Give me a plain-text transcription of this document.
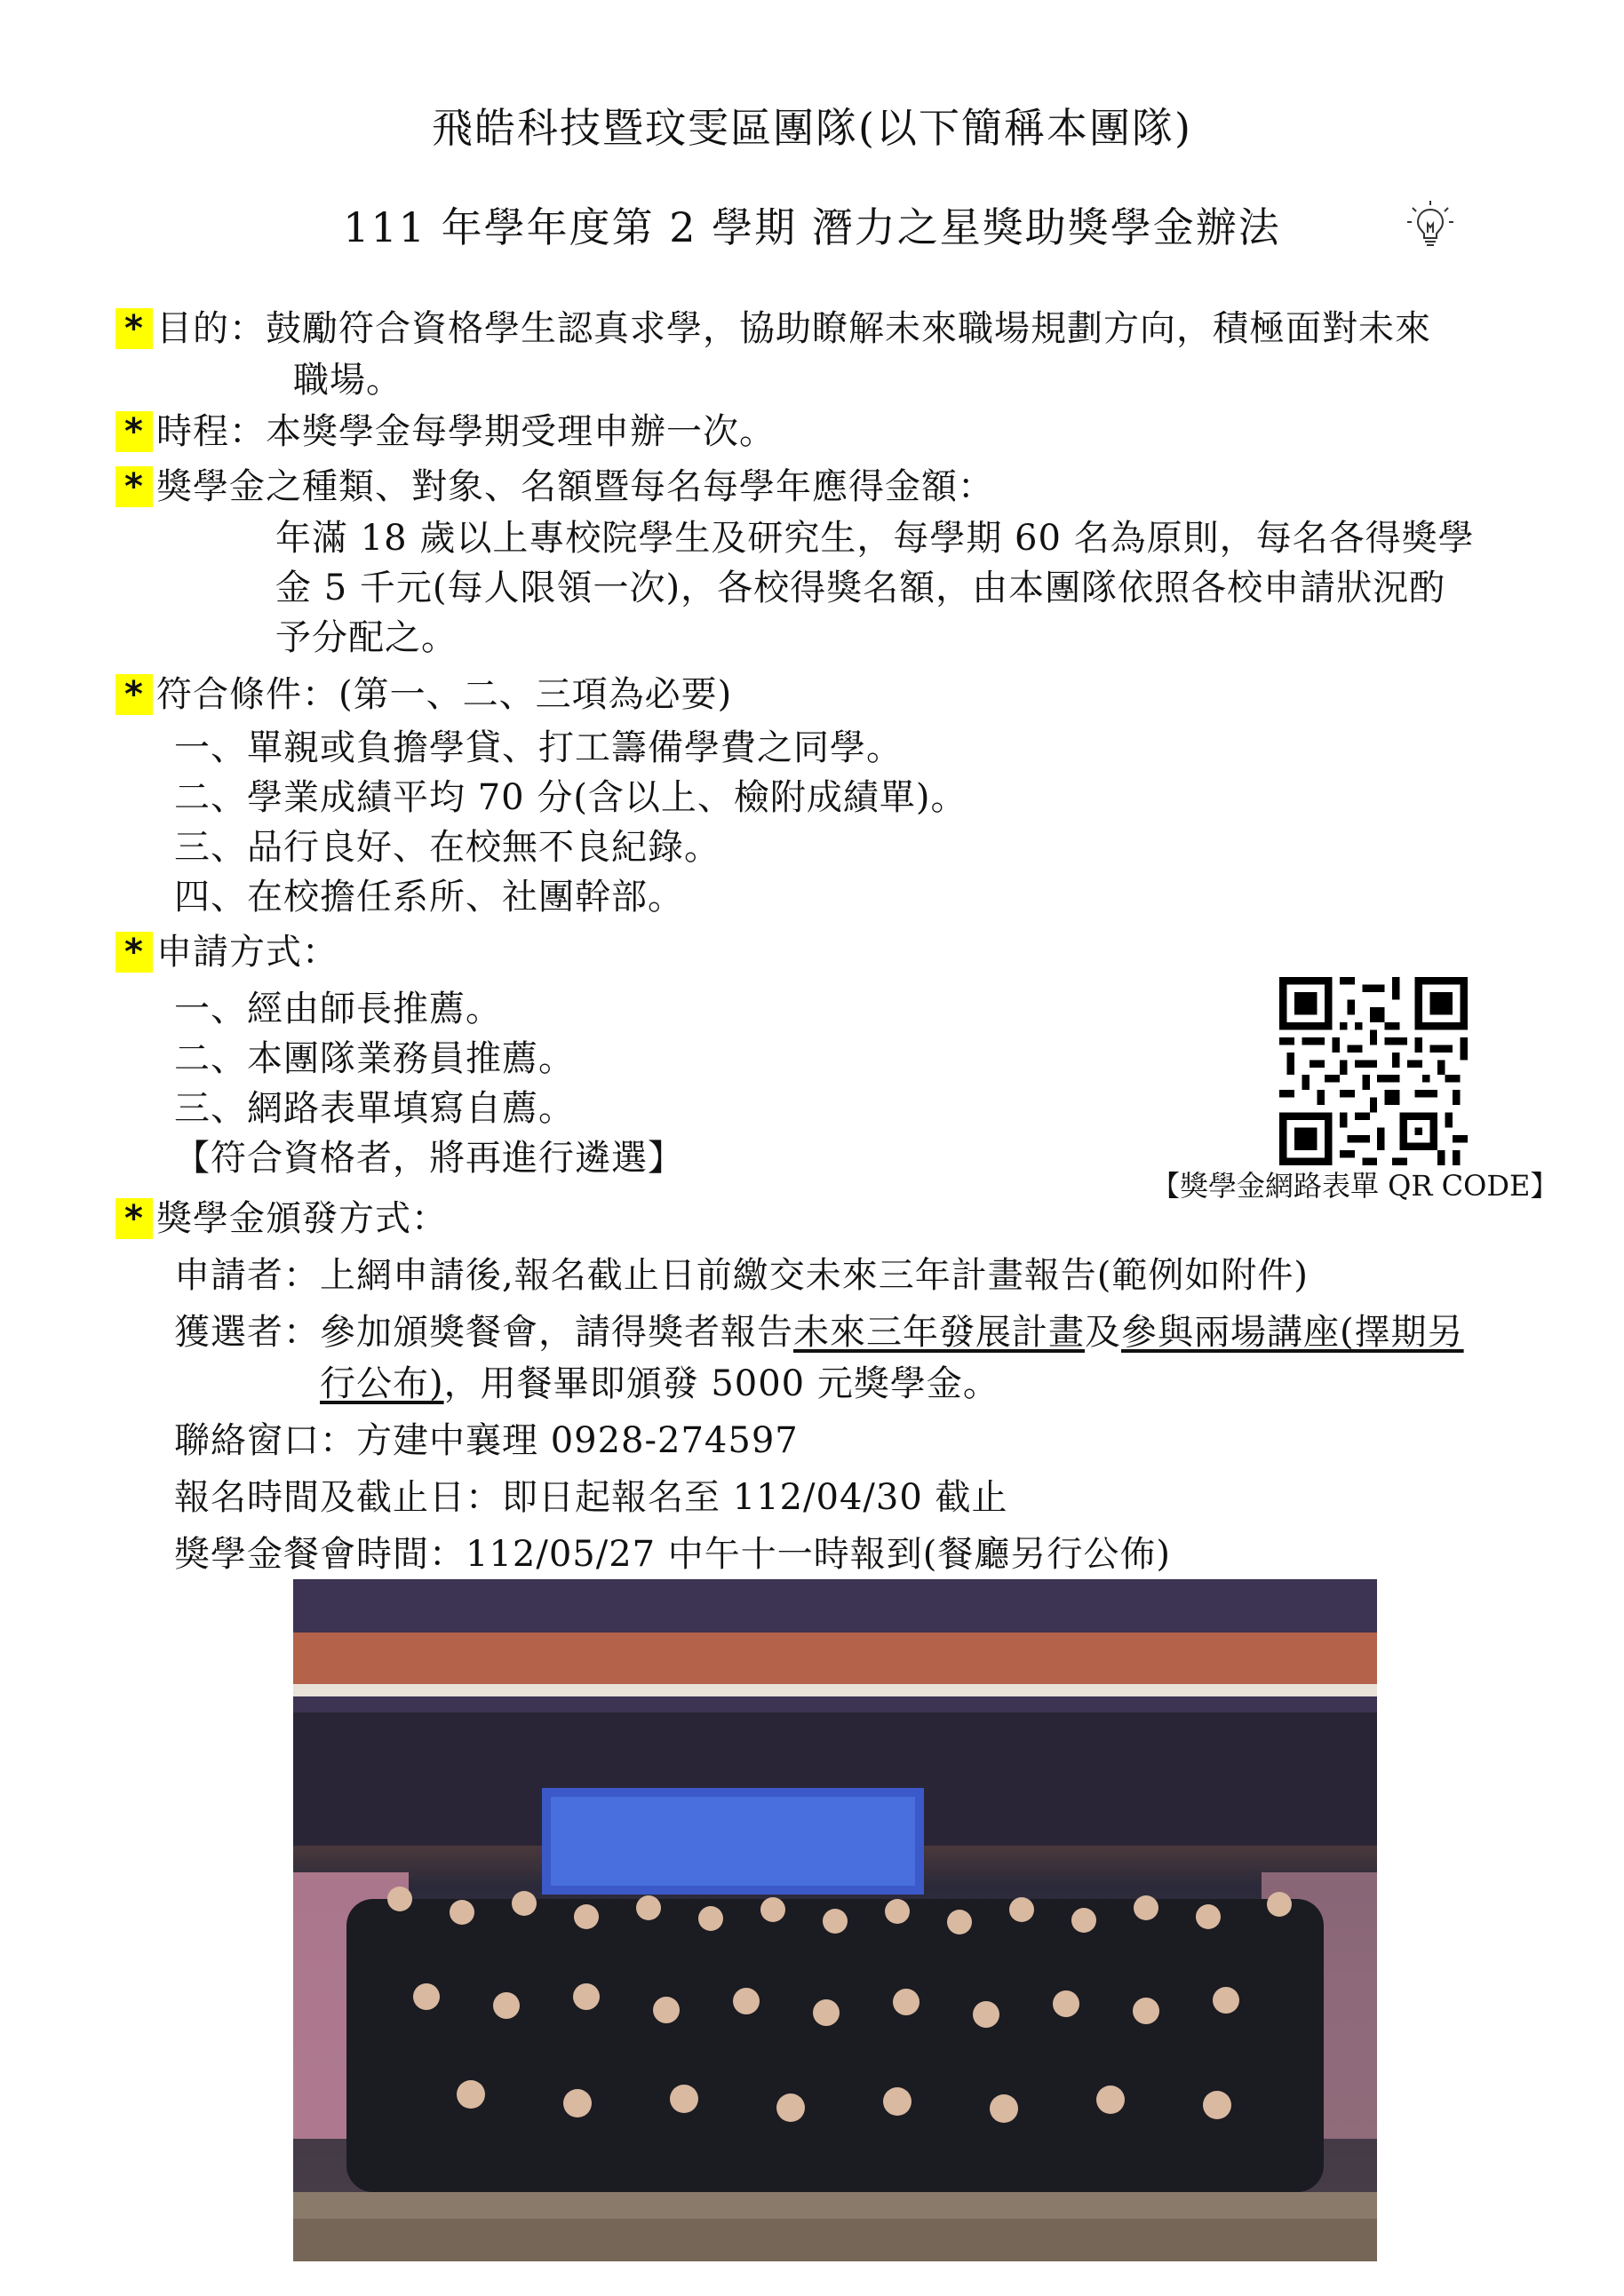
飛皓科技暨玟雯區團隊(以下簡稱本團隊)
111 年學年度第 2 學期 潛力之星獎助獎學金辦法
* 目的：鼓勵符合資格學生認真求學，協助瞭解未來職場規劃方向，積極面對未來
職場。
* 時程：本獎學金每學期受理申辦一次。
* 獎學金之種類、對象、名額暨每名每學年應得金額：
年滿 18 歲以上專校院學生及研究生，每學期 60 名為原則，每名各得獎學
金 5 千元(每人限領一次)，各校得獎名額，由本團隊依照各校申請狀況酌
予分配之。
* 符合條件：(第一、二、三項為必要)
一、單親或負擔學貸、打工籌備學費之同學。
二、學業成績平均 70 分(含以上、檢附成績單)。
三、品行良好、在校無不良紀錄。
四、在校擔任系所、社團幹部。
* 申請方式：
一、經由師長推薦。
二、本團隊業務員推薦。
三、網路表單填寫自薦。
【符合資格者，將再進行遴選】
【獎學金網路表單 QR CODE】
* 獎學金頒發方式：
申請者：上網申請後,報名截止日前繳交未來三年計畫報告(範例如附件)
獲選者：參加頒獎餐會，請得獎者報告未來三年發展計畫及參與兩場講座(擇期另
行公布)，用餐畢即頒發 5000 元獎學金。
聯絡窗口：方建中襄理 0928-274597
報名時間及截止日：即日起報名至 112/04/30 截止
獎學金餐會時間：112/05/27 中午十一時報到(餐廳另行公佈)
